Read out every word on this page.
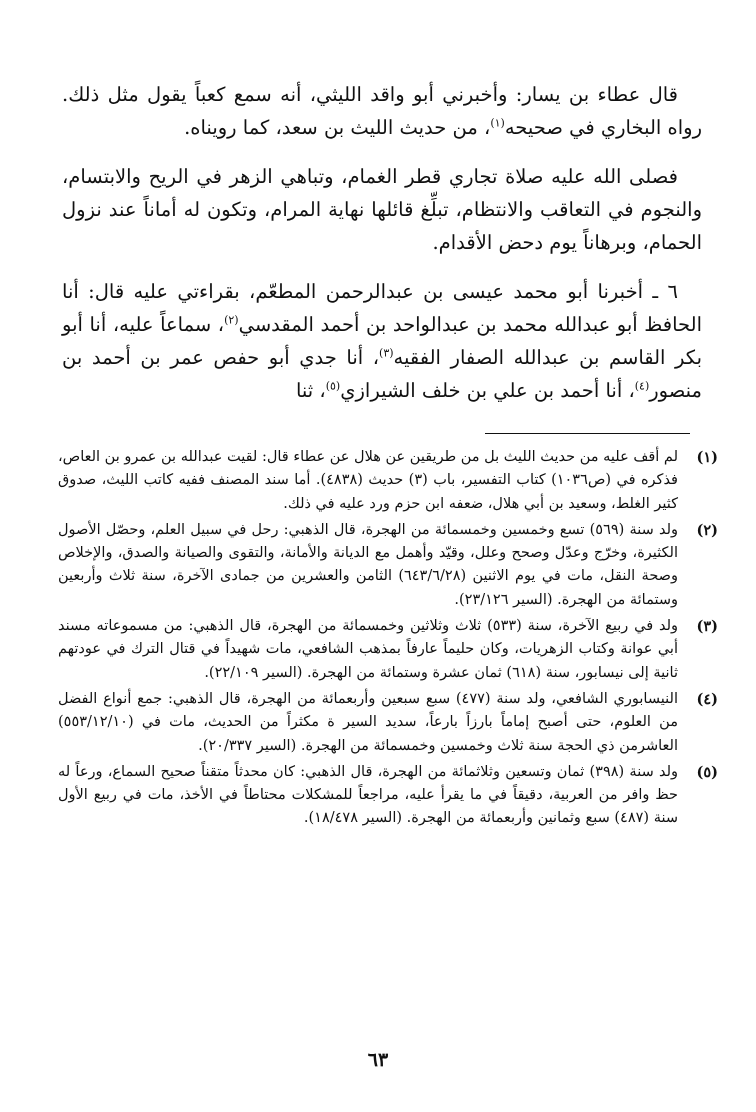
قال عطاء بن يسار: وأخبرني أبو واقد الليثي، أنه سمع كعباً يقول مثل ذلك. رواه البخاري في صحيحه$^{(١)}$، من حديث الليث بن سعد، كما رويناه.

فصلى الله عليه صلاة تجاري قطر الغمام، وتباهي الزهر في الريح والابتسام، والنجوم في التعاقب والانتظام، تبلِّغ قائلها نهاية المرام، وتكون له أماناً عند نزول الحمام، وبرهاناً يوم دحض الأقدام.

٦ ـ أخبرنا أبو محمد عيسى بن عبدالرحمن المطعّم، بقراءتي عليه قال: أنا الحافظ أبو عبدالله محمد بن عبدالواحد بن أحمد المقدسي$^{(٢)}$، سماعاً عليه، أنا أبو بكر القاسم بن عبدالله الصفار الفقيه$^{(٣)}$، أنا جدي أبو حفص عمر بن أحمد بن منصور$^{(٤)}$، أنا أحمد بن علي بن خلف الشيرازي$^{(٥)}$، ثنا

(١)
لم أقف عليه من حديث الليث بل من طريقين عن هلال عن عطاء قال: لقيت عبدالله بن عمرو بن العاص، فذكره في (ص١٠٣٦) كتاب التفسير، باب (٣) حديث (٤٨٣٨). أما سند المصنف ففيه كاتب الليث، صدوق كثير الغلط، وسعيد بن أبي هلال، ضعفه ابن حزم ورد عليه في ذلك.
(٢)
ولد سنة (٥٦٩) تسع وخمسين وخمسمائة من الهجرة، قال الذهبي: رحل في سبيل العلم، وحصّل الأصول الكثيرة، وخرّج وعدّل وصحح وعلل، وقيّد وأهمل مع الديانة والأمانة، والتقوى والصيانة والصدق، والإخلاص وصحة النقل، مات في يوم الاثنين (٦٤٣/٦/٢٨) الثامن والعشرين من جمادى الآخرة، سنة ثلاث وأربعين وستمائة من الهجرة. (السير ٢٣/١٢٦).
(٣)
ولد في ربيع الآخرة، سنة (٥٣٣) ثلاث وثلاثين وخمسمائة من الهجرة، قال الذهبي: من مسموعاته مسند أبي عوانة وكتاب الزهريات، وكان حليماً عارفاً بمذهب الشافعي، مات شهيداً في قتال الترك في عودتهم ثانية إلى نيسابور، سنة (٦١٨) ثمان عشرة وستمائة من الهجرة. (السير ٢٢/١٠٩).
(٤)
النيسابوري الشافعي، ولد سنة (٤٧٧) سبع سبعين وأربعمائة من الهجرة، قال الذهبي: جمع أنواع الفضل من العلوم، حتى أصبح إماماً بارزاً بارعاً، سديد السير ة مكثراً من الحديث، مات في (٥٥٣/١٢/١٠) العاشرمن ذي الحجة سنة ثلاث وخمسين وخمسمائة من الهجرة. (السير ٢٠/٣٣٧).
(٥)
ولد سنة (٣٩٨) ثمان وتسعين وثلاثمائة من الهجرة، قال الذهبي: كان محدثاً متقناً صحيح السماع، ورعاً له حظ وافر من العربية، دقيقاً في ما يقرأ عليه، مراجعاً للمشكلات محتاطاً في الأخذ، مات في ربيع الأول سنة (٤٨٧) سبع وثمانين وأربعمائة من الهجرة. (السير ١٨/٤٧٨).
٦٣
